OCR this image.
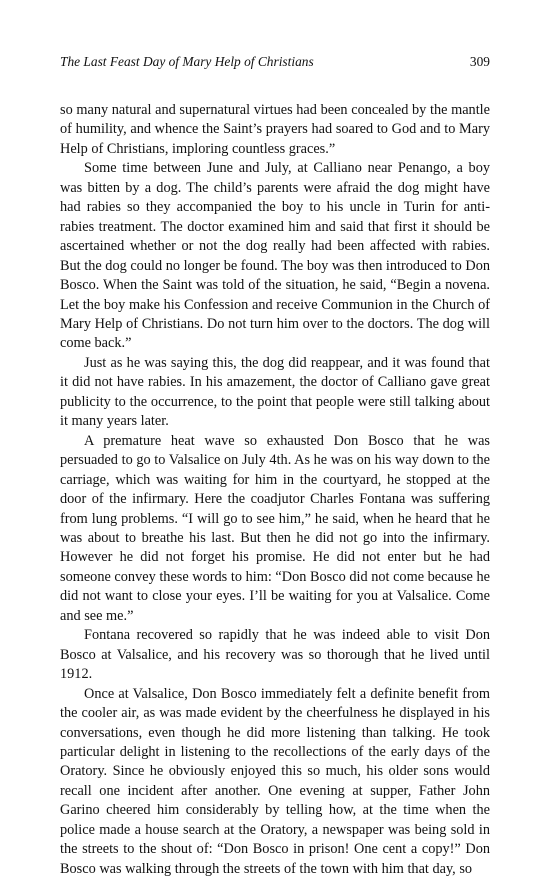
The Last Feast Day of Mary Help of Christians	309

so many natural and supernatural virtues had been concealed by the mantle of humility, and whence the Saint’s prayers had soared to God and to Mary Help of Christians, imploring countless graces.”

Some time between June and July, at Calliano near Penango, a boy was bitten by a dog. The child’s parents were afraid the dog might have had rabies so they accompanied the boy to his uncle in Turin for anti-rabies treatment. The doctor examined him and said that first it should be ascertained whether or not the dog really had been affected with rabies. But the dog could no longer be found. The boy was then introduced to Don Bosco. When the Saint was told of the situation, he said, “Begin a novena. Let the boy make his Confession and receive Communion in the Church of Mary Help of Christians. Do not turn him over to the doctors. The dog will come back.”

Just as he was saying this, the dog did reappear, and it was found that it did not have rabies. In his amazement, the doctor of Calliano gave great publicity to the occurrence, to the point that people were still talking about it many years later.

A premature heat wave so exhausted Don Bosco that he was persuaded to go to Valsalice on July 4th. As he was on his way down to the carriage, which was waiting for him in the courtyard, he stopped at the door of the infirmary. Here the coadjutor Charles Fontana was suffering from lung problems. “I will go to see him,” he said, when he heard that he was about to breathe his last. But then he did not go into the infirmary. However he did not forget his promise. He did not enter but he had someone convey these words to him: “Don Bosco did not come because he did not want to close your eyes. I’ll be waiting for you at Valsalice. Come and see me.”

Fontana recovered so rapidly that he was indeed able to visit Don Bosco at Valsalice, and his recovery was so thorough that he lived until 1912.

Once at Valsalice, Don Bosco immediately felt a definite benefit from the cooler air, as was made evident by the cheerfulness he displayed in his conversations, even though he did more listening than talking. He took particular delight in listening to the recollections of the early days of the Oratory. Since he obviously enjoyed this so much, his older sons would recall one incident after another. One evening at supper, Father John Garino cheered him considerably by telling how, at the time when the police made a house search at the Oratory, a newspaper was being sold in the streets to the shout of: “Don Bosco in prison! One cent a copy!” Don Bosco was walking through the streets of the town with him that day, so
